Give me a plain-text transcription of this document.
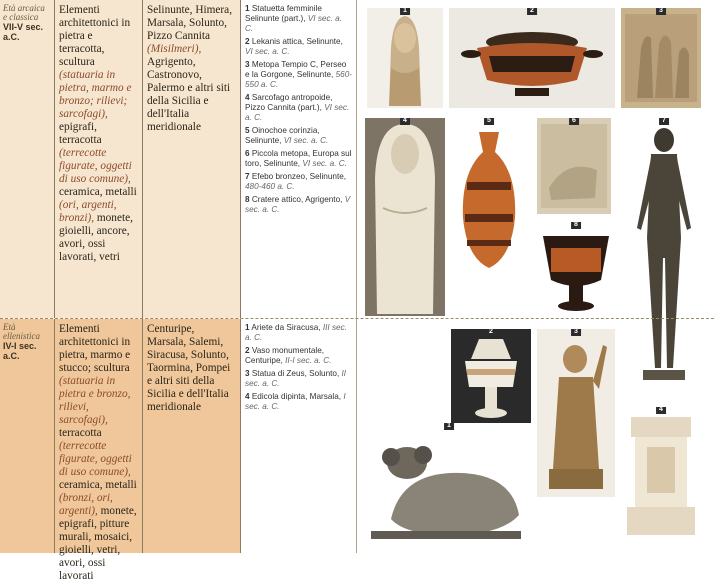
Età arcaica e classica
VII-V sec. a.C.
Elementi architettonici in pietra e terracotta, scultura (statuaria in pietra, marmo e bronzo; rilievi; sarcofagi), epigrafi, terracotta (terrecotte figurate, oggetti di uso comune), ceramica, metalli (ori, argenti, bronzi), monete, gioielli, ancore, avori, ossi lavorati, vetri
Selinunte, Himera, Marsala, Solunto, Pizzo Cannita (Misilmeri), Agrigento, Castronovo, Palermo e altri siti della Sicilia e dell'Italia meridionale
1 Statuetta femminile Selinunte (part.), VI sec. a. C.
2 Lekanis attica, Selinunte, VI sec. a. C.
3 Metopa Tempio C, Perseo e la Gorgone, Selinunte, 560-550 a. C.
4 Sarcofago antropoide, Pizzo Cannita (part.), VI sec. a. C.
5 Oinochoe corinzia, Selinunte, VI sec. a. C.
6 Piccola metopa, Europa sul toro, Selinunte, VI sec. a. C.
7 Efebo bronzeo, Selinunte, 480-460 a. C.
8 Cratere attico, Agrigento, V sec. a. C.
1	2	3
4	5	6
8
7
Età ellenistica
IV-I sec. a.C.
Elementi architettonici in pietra, marmo e stucco; scultura (statuaria in pietra e bronzo, rilievi, sarcofagi), terracotta (terrecotte figurate, oggetti di uso comune), ceramica, metalli (bronzi, ori, argenti), monete, epigrafi, pitture murali, mosaici, gioielli, vetri, avori, ossi lavorati
Centuripe, Marsala, Salemi, Siracusa, Solunto, Taormina, Pompei e altri siti della Sicilia e dell'Italia meridionale
1 Ariete da Siracusa, III sec. a. C.
2 Vaso monumentale, Centuripe, II-I sec. a. C.
3 Statua di Zeus, Solunto, II sec. a. C.
4 Edicola dipinta, Marsala, I sec. a. C.
2	3
4
1
